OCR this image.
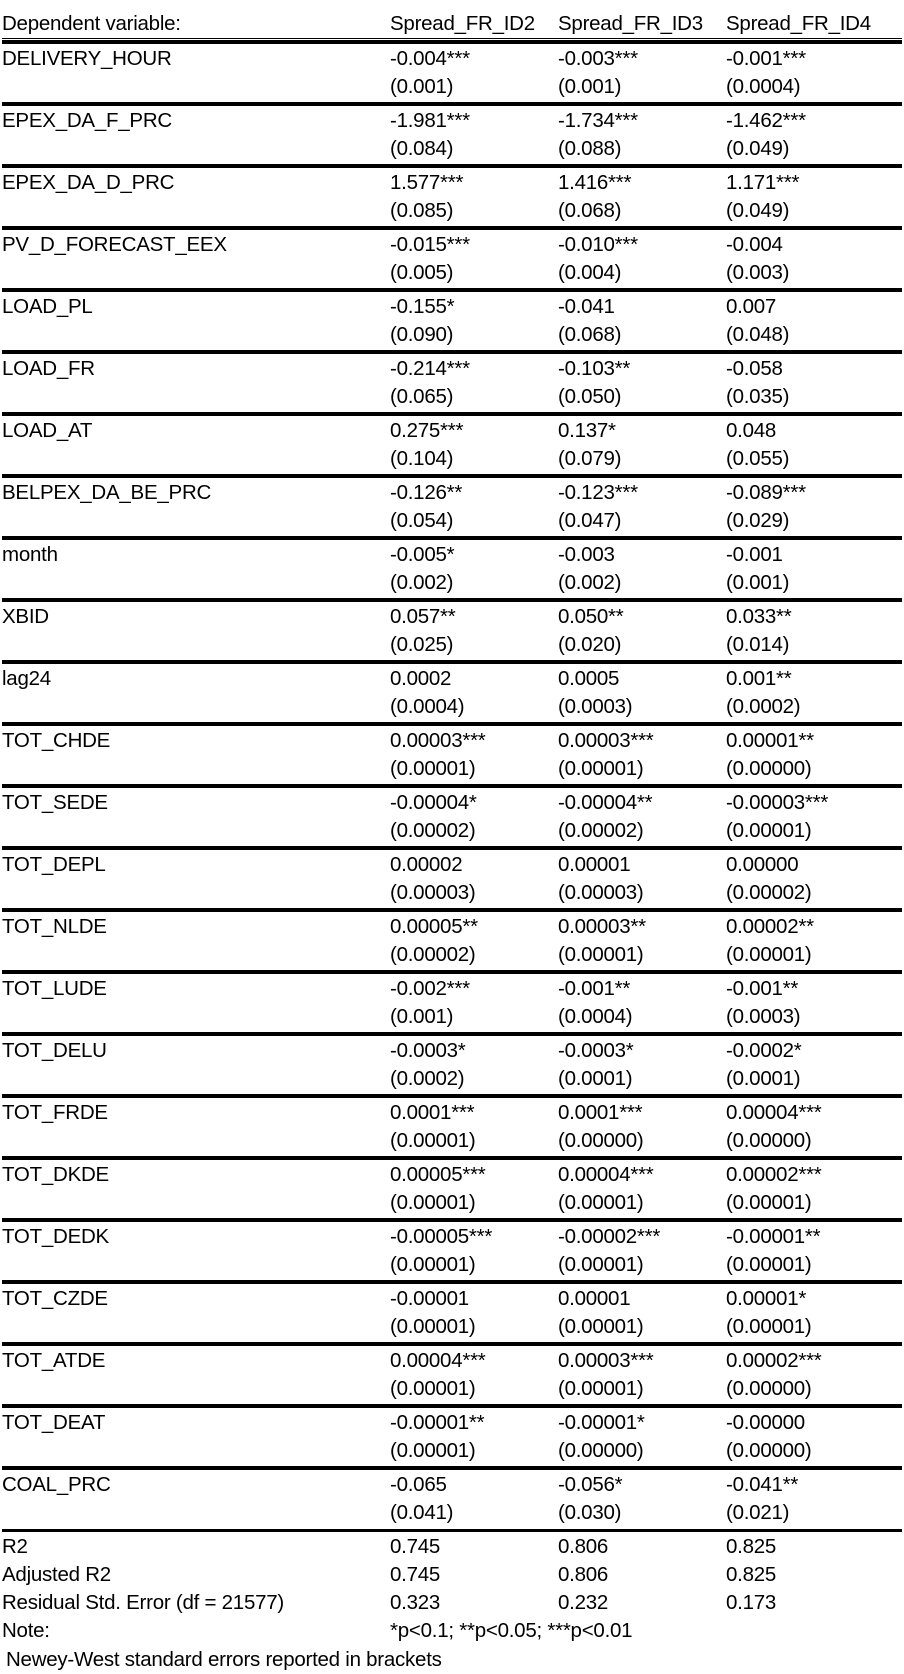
Dependent variable:	Spread_FR_ID2	Spread_FR_ID3	Spread_FR_ID4

DELIVERY_HOUR	-0.004***	-0.003***	-0.001***
	(0.001)	(0.001)	(0.0004)

EPEX_DA_F_PRC	-1.981***	-1.734***	-1.462***
	(0.084)	(0.088)	(0.049)

EPEX_DA_D_PRC	1.577***	1.416***	1.171***
	(0.085)	(0.068)	(0.049)

PV_D_FORECAST_EEX	-0.015***	-0.010***	-0.004
	(0.005)	(0.004)	(0.003)

LOAD_PL	-0.155*	-0.041	0.007
	(0.090)	(0.068)	(0.048)

LOAD_FR	-0.214***	-0.103**	-0.058
	(0.065)	(0.050)	(0.035)

LOAD_AT	0.275***	0.137*	0.048
	(0.104)	(0.079)	(0.055)

BELPEX_DA_BE_PRC	-0.126**	-0.123***	-0.089***
	(0.054)	(0.047)	(0.029)

month	-0.005*	-0.003	-0.001
	(0.002)	(0.002)	(0.001)

XBID	0.057**	0.050**	0.033**
	(0.025)	(0.020)	(0.014)

lag24	0.0002	0.0005	0.001**
	(0.0004)	(0.0003)	(0.0002)

TOT_CHDE	0.00003***	0.00003***	0.00001**
	(0.00001)	(0.00001)	(0.00000)

TOT_SEDE	-0.00004*	-0.00004**	-0.00003***
	(0.00002)	(0.00002)	(0.00001)

TOT_DEPL	0.00002	0.00001	0.00000
	(0.00003)	(0.00003)	(0.00002)

TOT_NLDE	0.00005**	0.00003**	0.00002**
	(0.00002)	(0.00001)	(0.00001)

TOT_LUDE	-0.002***	-0.001**	-0.001**
	(0.001)	(0.0004)	(0.0003)

TOT_DELU	-0.0003*	-0.0003*	-0.0002*
	(0.0002)	(0.0001)	(0.0001)

TOT_FRDE	0.0001***	0.0001***	0.00004***
	(0.00001)	(0.00000)	(0.00000)

TOT_DKDE	0.00005***	0.00004***	0.00002***
	(0.00001)	(0.00001)	(0.00001)

TOT_DEDK	-0.00005***	-0.00002***	-0.00001**
	(0.00001)	(0.00001)	(0.00001)

TOT_CZDE	-0.00001	0.00001	0.00001*
	(0.00001)	(0.00001)	(0.00001)

TOT_ATDE	0.00004***	0.00003***	0.00002***
	(0.00001)	(0.00001)	(0.00000)

TOT_DEAT	-0.00001**	-0.00001*	-0.00000
	(0.00001)	(0.00000)	(0.00000)

COAL_PRC	-0.065	-0.056*	-0.041**
	(0.041)	(0.030)	(0.021)

R2	0.745	0.806	0.825
Adjusted R2	0.745	0.806	0.825
Residual Std. Error (df = 21577)	0.323	0.232	0.173
Note:	*p<0.1; **p<0.05; ***p<0.01		
Newey-West standard errors reported in brackets			
